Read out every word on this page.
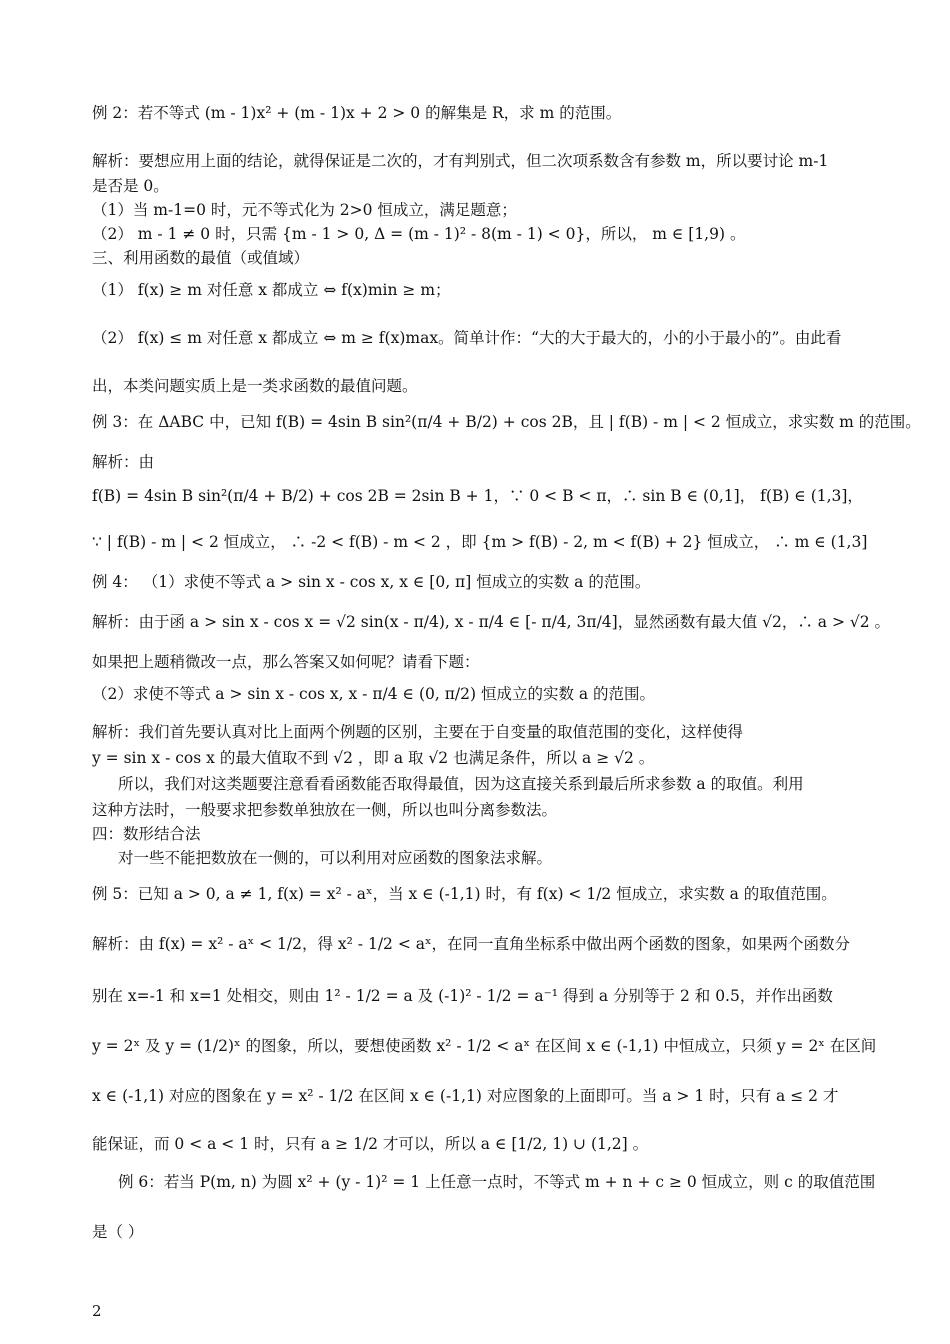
例 2：若不等式 (m - 1)x² + (m - 1)x + 2 > 0 的解集是 R，求 m 的范围。
解析：要想应用上面的结论，就得保证是二次的，才有判别式，但二次项系数含有参数 m，所以要讨论 m-1
是否是 0。
（1）当 m-1=0 时，元不等式化为 2>0 恒成立，满足题意；
（2） m - 1 ≠ 0 时，只需 {m - 1 > 0, Δ = (m - 1)² - 8(m - 1) < 0}，所以， m ∈ [1,9) 。
三、利用函数的最值（或值域）
（1） f(x) ≥ m 对任意 x 都成立 ⇔ f(x)min ≥ m；
（2） f(x) ≤ m 对任意 x 都成立 ⇔ m ≥ f(x)max。简单计作：“大的大于最大的，小的小于最小的”。由此看
出，本类问题实质上是一类求函数的最值问题。
例 3：在 ΔABC 中，已知 f(B) = 4sin B sin²(π/4 + B/2) + cos 2B，且 | f(B) - m | < 2 恒成立，求实数 m 的范围。
解析：由
f(B) = 4sin B sin²(π/4 + B/2) + cos 2B = 2sin B + 1，∵ 0 < B < π，∴ sin B ∈ (0,1]， f(B) ∈ (1,3]，
∵ | f(B) - m | < 2 恒成立， ∴ -2 < f(B) - m < 2 ，即 {m > f(B) - 2, m < f(B) + 2} 恒成立， ∴ m ∈ (1,3]
例 4： （1）求使不等式 a > sin x - cos x, x ∈ [0, π] 恒成立的实数 a 的范围。
解析：由于函 a > sin x - cos x = √2 sin(x - π/4), x - π/4 ∈ [- π/4, 3π/4]，显然函数有最大值 √2，∴ a > √2 。
如果把上题稍微改一点，那么答案又如何呢？请看下题：
（2）求使不等式 a > sin x - cos x, x - π/4 ∈ (0, π/2) 恒成立的实数 a 的范围。
解析：我们首先要认真对比上面两个例题的区别，主要在于自变量的取值范围的变化，这样使得
y = sin x - cos x 的最大值取不到 √2 ，即 a 取 √2 也满足条件，所以 a ≥ √2 。
所以，我们对这类题要注意看看函数能否取得最值，因为这直接关系到最后所求参数 a 的取值。利用
这种方法时，一般要求把参数单独放在一侧，所以也叫分离参数法。
四：数形结合法
对一些不能把数放在一侧的，可以利用对应函数的图象法求解。
例 5：已知 a > 0, a ≠ 1, f(x) = x² - aˣ，当 x ∈ (-1,1) 时，有 f(x) < 1/2 恒成立，求实数 a 的取值范围。
解析：由 f(x) = x² - aˣ < 1/2，得 x² - 1/2 < aˣ，在同一直角坐标系中做出两个函数的图象，如果两个函数分
别在 x=-1 和 x=1 处相交，则由 1² - 1/2 = a 及 (-1)² - 1/2 = a⁻¹ 得到 a 分别等于 2 和 0.5，并作出函数
y = 2ˣ 及 y = (1/2)ˣ 的图象，所以，要想使函数 x² - 1/2 < aˣ 在区间 x ∈ (-1,1) 中恒成立，只须 y = 2ˣ 在区间
x ∈ (-1,1) 对应的图象在 y = x² - 1/2 在区间 x ∈ (-1,1) 对应图象的上面即可。当 a > 1 时，只有 a ≤ 2 才
能保证，而 0 < a < 1 时，只有 a ≥ 1/2 才可以，所以 a ∈ [1/2, 1) ∪ (1,2] 。
例 6：若当 P(m, n) 为圆 x² + (y - 1)² = 1 上任意一点时，不等式 m + n + c ≥ 0 恒成立，则 c 的取值范围
是（ ）
2
